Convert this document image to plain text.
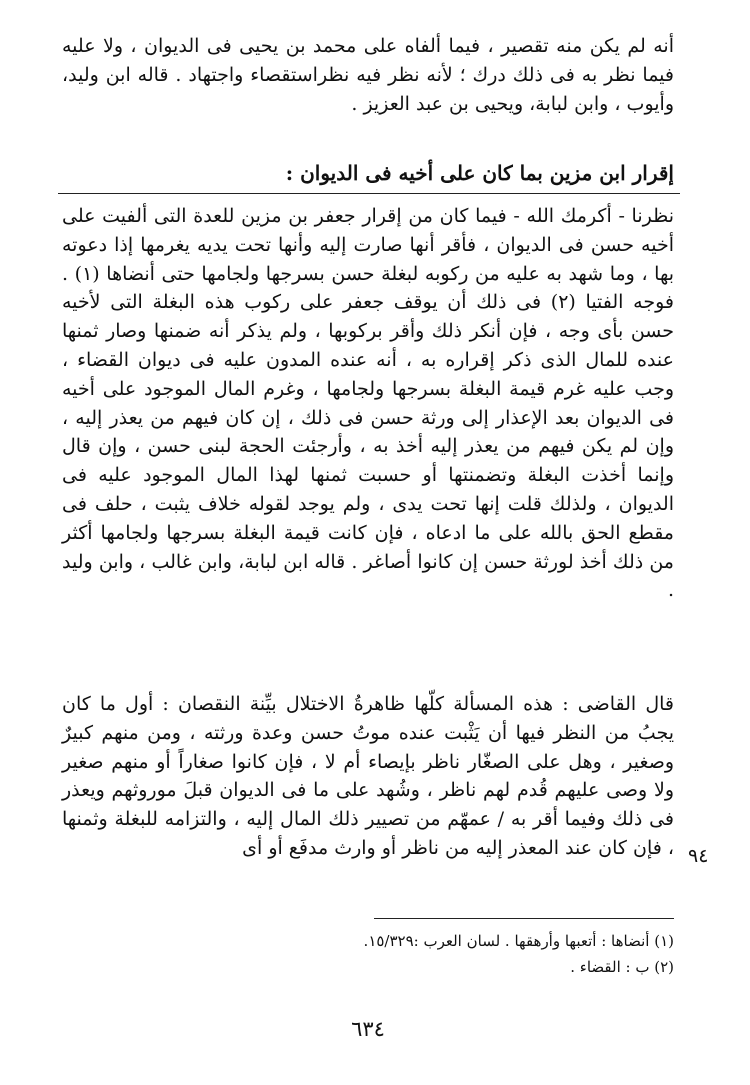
أنه لم يكن منه تقصير ، فيما ألفاه على محمد بن يحيى فى الديوان ، ولا عليه فيما نظر به فى ذلك درك ؛ لأنه نظر فيه نظراستقصاء واجتهاد . قاله ابن وليد، وأيوب ، وابن لبابة، ويحيى بن عبد العزيز .

إقرار ابن مزين بما كان على أخيه فى الديوان :

نظرنا - أكرمك الله - فيما كان من إقرار جعفر بن مزين للعدة التى ألفيت على أخيه حسن فى الديوان ، فأقر أنها صارت إليه وأنها تحت يديه يغرمها إذا دعوته بها ، وما شهد به عليه من ركوبه لبغلة حسن بسرجها ولجامها حتى أنضاها (١) . فوجه الفتيا (٢) فى ذلك أن يوقف جعفر على ركوب هذه البغلة التى لأخيه حسن بأى وجه ، فإن أنكر ذلك وأقر بركوبها ، ولم يذكر أنه ضمنها وصار ثمنها عنده للمال الذى ذكر إقراره به ، أنه عنده المدون عليه فى ديوان القضاء ، وجب عليه غرم قيمة البغلة بسرجها ولجامها ، وغرم المال الموجود على أخيه فى الديوان بعد الإعذار إلى ورثة حسن فى ذلك ، إن كان فيهم من يعذر إليه ، وإن لم يكن فيهم من يعذر إليه أخذ به ، وأرجئت الحجة لبنى حسن ، وإن قال وإنما أخذت البغلة وتضمنتها أو حسبت ثمنها لهذا المال الموجود عليه فى الديوان ، ولذلك قلت إنها تحت يدى ، ولم يوجد لقوله خلاف يثبت ، حلف فى مقطع الحق بالله على ما ادعاه ، فإن كانت قيمة البغلة بسرجها ولجامها أكثر من ذلك أخذ لورثة حسن إن كانوا أصاغر . قاله ابن لبابة، وابن غالب ، وابن وليد .

قال القاضى : هذه المسألة كلّها ظاهرةُ الاختلال بيِّنة النقصان : أول ما كان يجبُ من النظر فيها أن يَثْبت عنده موتُ حسن وعدة ورثته ، ومن منهم كبيرٌ وصغير ، وهل على الصغّار ناظر بإيصاء أم لا ، فإن كانوا صغاراً أو منهم صغير ولا وصى عليهم قُدم لهم ناظر ، وشُهد على ما فى الديوان قبلَ موروثهم ويعذر فى ذلك وفيما أقر به / عمهّم من تصيير ذلك المال إليه ، والتزامه للبغلة وثمنها ، فإن كان عند المعذر إليه من ناظر أو وارث مدفَع أو أى

(١) أنضاها : أتعبها وأرهقها . لسان العرب :١٥/٣٢٩.

(٢) ب : القضاء .

٦٣٤
٩٤
